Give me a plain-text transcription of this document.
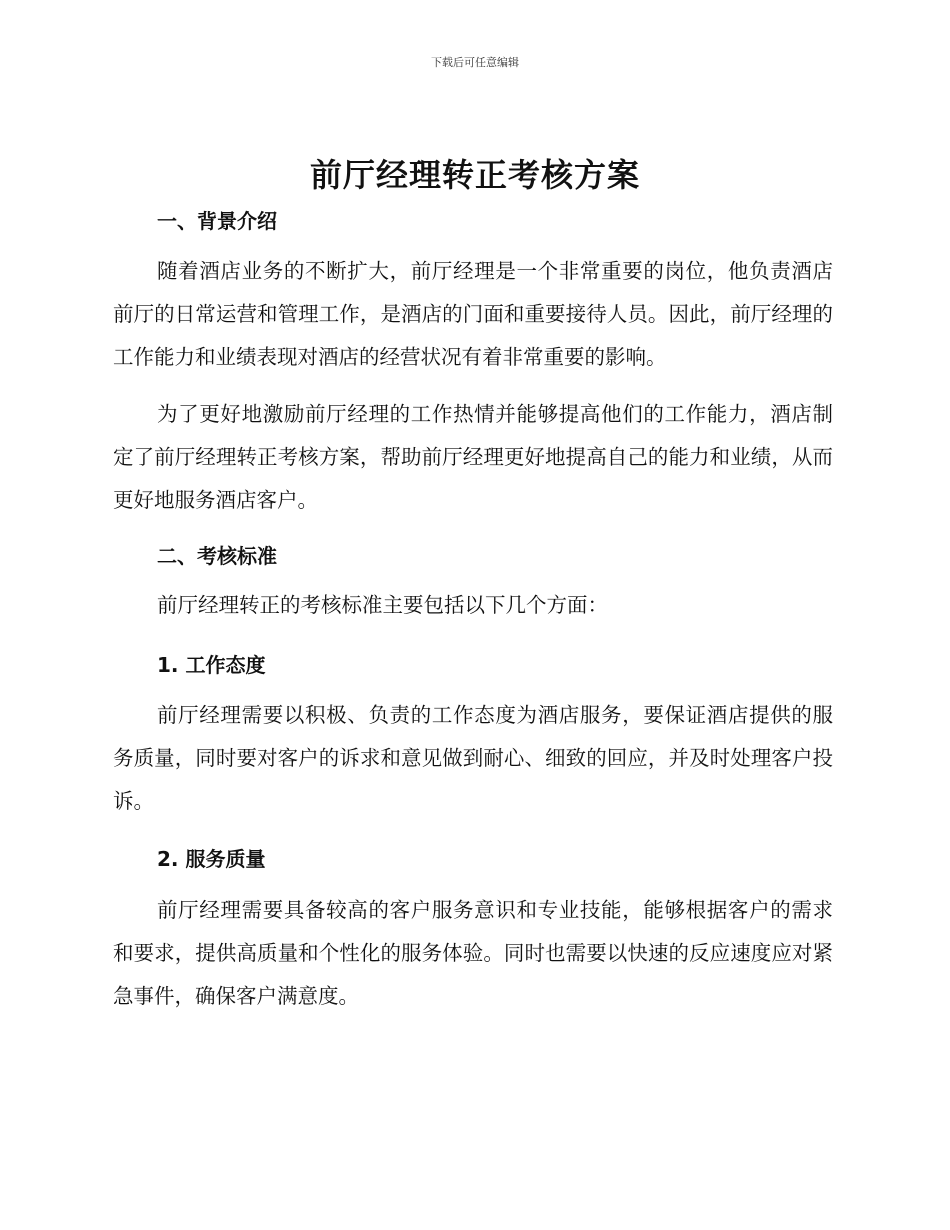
下载后可任意编辑
前厅经理转正考核方案
一、背景介绍

随着酒店业务的不断扩大，前厅经理是一个非常重要的岗位，他负责酒店前厅的日常运营和管理工作，是酒店的门面和重要接待人员。因此，前厅经理的工作能力和业绩表现对酒店的经营状况有着非常重要的影响。

为了更好地激励前厅经理的工作热情并能够提高他们的工作能力，酒店制定了前厅经理转正考核方案，帮助前厅经理更好地提高自己的能力和业绩，从而更好地服务酒店客户。

二、考核标准

前厅经理转正的考核标准主要包括以下几个方面：

1. 工作态度

前厅经理需要以积极、负责的工作态度为酒店服务，要保证酒店提供的服务质量，同时要对客户的诉求和意见做到耐心、细致的回应，并及时处理客户投诉。

2. 服务质量

前厅经理需要具备较高的客户服务意识和专业技能，能够根据客户的需求和要求，提供高质量和个性化的服务体验。同时也需要以快速的反应速度应对紧急事件，确保客户满意度。
